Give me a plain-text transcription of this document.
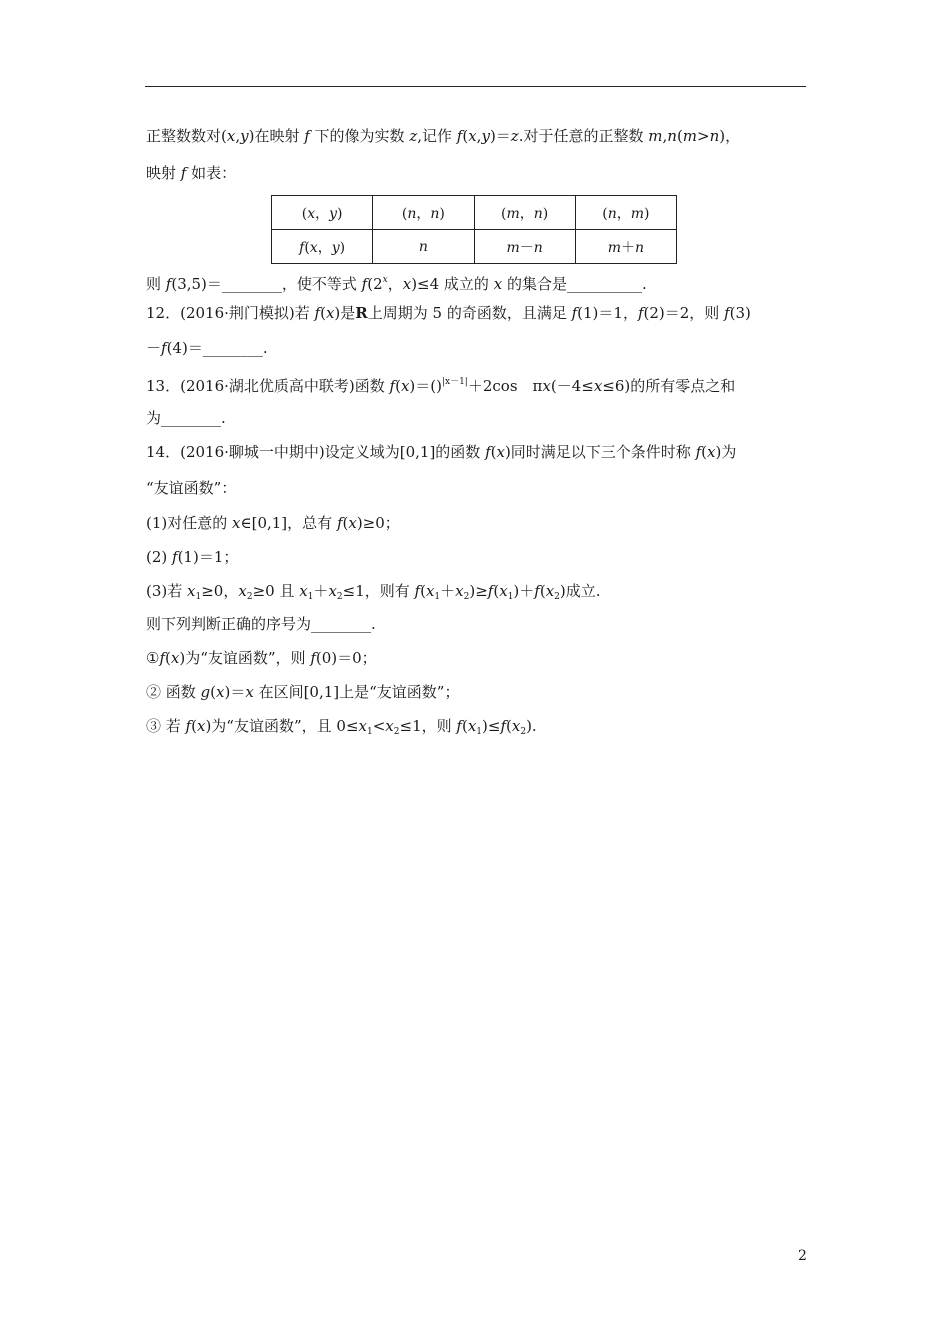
正整数数对(x,y)在映射 f 下的像为实数 z,记作 f(x,y)＝z.对于任意的正整数 m,n(m>n)，
映射 f 如表：
(x，y)	(n，n)	(m，n)	(n，m)
f(x，y)	n	m－n	m＋n
则 f(3,5)＝________，使不等式 f(2$^x$，x)≤4 成立的 x 的集合是__________.
12．(2016·荆门模拟)若 f(x)是R上周期为 5 的奇函数，且满足 f(1)＝1，f(2)＝2，则 f(3)
－f(4)＝________.
13．(2016·湖北优质高中联考)函数 f(x)＝()$^{|x-1|}$＋2cos　πx(－4≤x≤6)的所有零点之和
为________.
14．(2016·聊城一中期中)设定义域为[0,1]的函数 f(x)同时满足以下三个条件时称 f(x)为
“友谊函数”：
(1)对任意的 x∈[0,1]，总有 f(x)≥0；
(2) f(1)＝1；
(3)若 $x_1\ge 0$，$x_2\ge 0$ 且 $x_1+x_2\le 1$，则有 $f(x_1+x_2)\ge f(x_1)+f(x_2)$成立.
则下列判断正确的序号为________.
①f(x)为“友谊函数”，则 f(0)＝0；
② 函数 g(x)＝x 在区间[0,1]上是“友谊函数”；
③ 若 f(x)为“友谊函数”，且 $0\le x_1<x_2\le 1$，则 $f(x_1)\le f(x_2)$.
2
